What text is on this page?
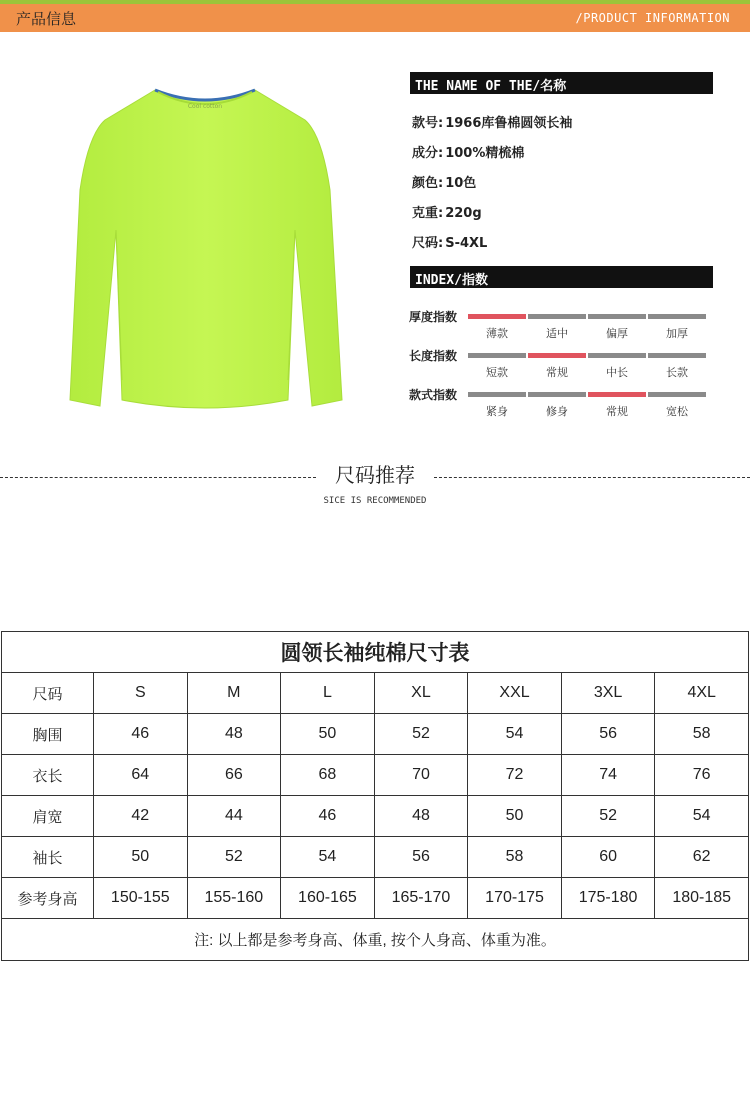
产品信息	/PRODUCT INFORMATION
Cool cotton
THE NAME OF THE/名称
款号: 1966库鲁棉圆领长袖
成分: 100%精梳棉
颜色: 10色
克重: 220g
尺码: S-4XL
INDEX/指数
厚度指数
薄款	适中	偏厚	加厚
长度指数
短款	常规	中长	长款
款式指数
紧身	修身	常规	宽松
尺码推荐
SICE IS RECOMMENDED
圆领长袖纯棉尺寸表							
尺码	S	M	L	XL	XXL	3XL	4XL
胸围	46	48	50	52	54	56	58
衣长	64	66	68	70	72	74	76
肩宽	42	44	46	48	50	52	54
袖长	50	52	54	56	58	60	62
参考身高	150-155	155-160	160-165	165-170	170-175	175-180	180-185
注: 以上都是参考身高、体重, 按个人身高、体重为准。							
